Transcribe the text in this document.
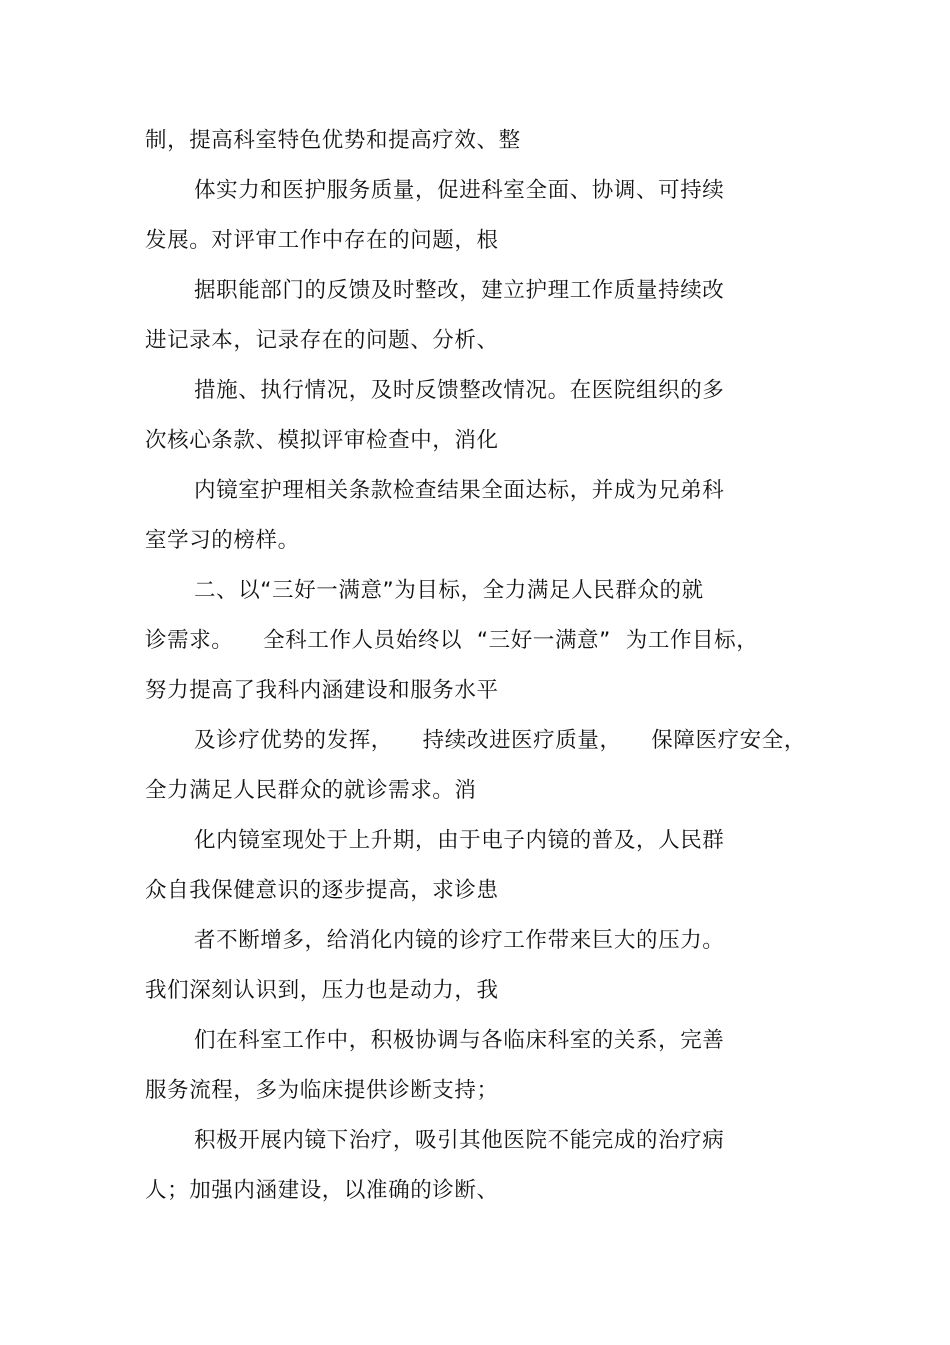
制，提高科室特色优势和提高疗效、整
体实力和医护服务质量，促进科室全面、协调、可持续
发展。对评审工作中存在的问题，根
据职能部门的反馈及时整改，建立护理工作质量持续改
进记录本，记录存在的问题、分析、
措施、执行情况，及时反馈整改情况。在医院组织的多
次核心条款、模拟评审检查中，消化
内镜室护理相关条款检查结果全面达标，并成为兄弟科
室学习的榜样。
二、以“三好一满意”为目标，全力满足人民群众的就
诊需求。    全科工作人员始终以  “三好一满意”  为工作目标，
努力提高了我科内涵建设和服务水平
及诊疗优势的发挥，    持续改进医疗质量，    保障医疗安全，
全力满足人民群众的就诊需求。消
化内镜室现处于上升期，由于电子内镜的普及，人民群
众自我保健意识的逐步提高，求诊患
者不断增多，给消化内镜的诊疗工作带来巨大的压力。
我们深刻认识到，压力也是动力，我
们在科室工作中，积极协调与各临床科室的关系，完善
服务流程，多为临床提供诊断支持；
积极开展内镜下治疗，吸引其他医院不能完成的治疗病
人；加强内涵建设，以准确的诊断、
